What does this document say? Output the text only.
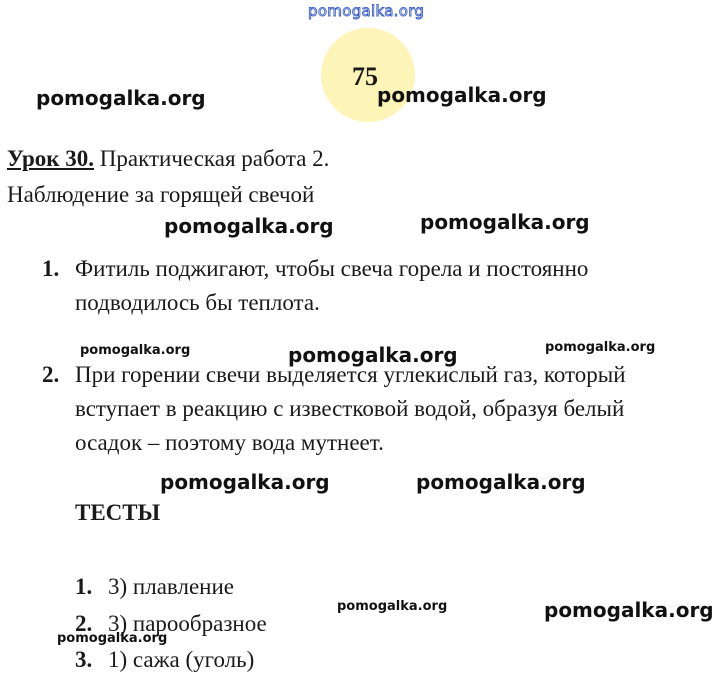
pomogalka.org
75
pomogalka.org	pomogalka.org
Урок 30. Практическая работа 2.
Наблюдение за горящей свечой
pomogalka.org	pomogalka.org
1. Фитиль поджигают, чтобы свеча горела и постоянно
подводилось бы теплота.
pomogalka.org	pomogalka.org	pomogalka.org
2. При горении свечи выделяется углекислый газ, который
вступает в реакцию с известковой водой, образуя белый
осадок – поэтому вода мутнеет.
pomogalka.org	pomogalka.org
ТЕСТЫ
1. 3) плавление
2. 3) парообразное
3. 1) сажа (уголь)
pomogalka.org	pomogalka.org
pomogalka.org
